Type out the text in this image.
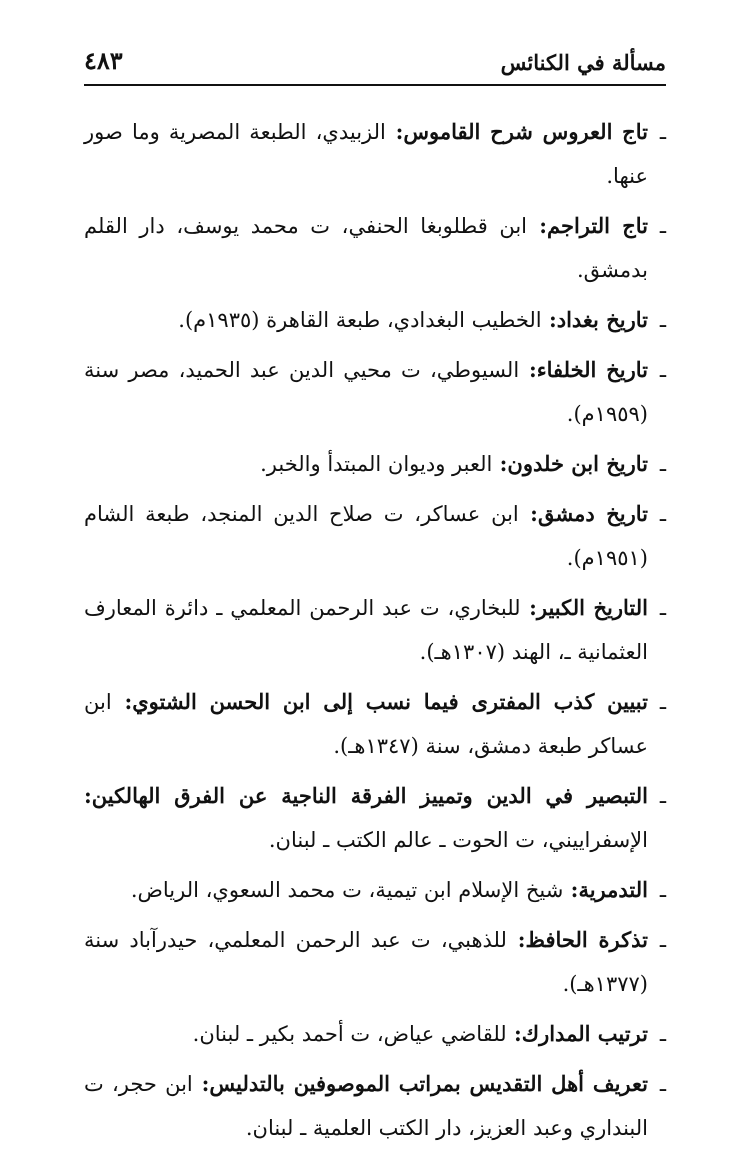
مسألة في الكنائس
٤٨٣

ـ
تاج العروس شرح القاموس: الزبيدي، الطبعة المصرية وما صور عنها.

ـ
تاج التراجم: ابن قطلوبغا الحنفي، ت محمد يوسف، دار القلم بدمشق.

ـ
تاريخ بغداد: الخطيب البغدادي، طبعة القاهرة (١٩٣٥م).

ـ
تاريخ الخلفاء: السيوطي، ت محيي الدين عبد الحميد، مصر سنة (١٩٥٩م).

ـ
تاريخ ابن خلدون: العبر وديوان المبتدأ والخبر.

ـ
تاريخ دمشق: ابن عساكر، ت صلاح الدين المنجد، طبعة الشام (١٩٥١م).

ـ
التاريخ الكبير: للبخاري، ت عبد الرحمن المعلمي ـ دائرة المعارف العثمانية ـ، الهند (١٣٠٧هـ).

ـ
تبيين كذب المفترى فيما نسب إلى ابن الحسن الشتوي: ابن عساكر طبعة دمشق، سنة (١٣٤٧هـ).

ـ
التبصير في الدين وتمييز الفرقة الناجية عن الفرق الهالكين: الإسفراييني، ت الحوت ـ عالم الكتب ـ لبنان.

ـ
التدمرية: شيخ الإسلام ابن تيمية، ت محمد السعوي، الرياض.

ـ
تذكرة الحافظ: للذهبي، ت عبد الرحمن المعلمي، حيدرآباد سنة (١٣٧٧هـ).

ـ
ترتيب المدارك: للقاضي عياض، ت أحمد بكير ـ لبنان.

ـ
تعريف أهل التقديس بمراتب الموصوفين بالتدليس: ابن حجر، ت البنداري وعبد العزيز، دار الكتب العلمية ـ لبنان.
